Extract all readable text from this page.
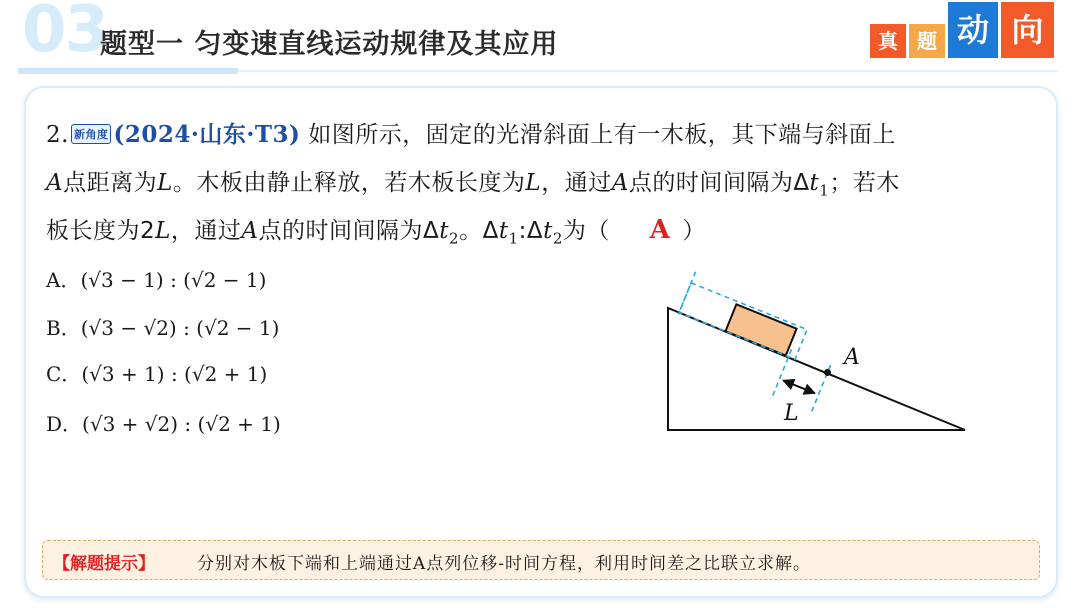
03
题型一 匀变速直线运动规律及其应用	真 题 动 向
2. 新角度 (2024·山东·T3) 如图所示，固定的光滑斜面上有一木板，其下端与斜面上
A点距离为L。木板由静止释放，若木板长度为L，通过A点的时间间隔为$\Delta t_1$；若木
板长度为2L，通过A点的时间间隔为$\Delta t_2$。$\Delta t_1:\Delta t_2$为（ A ）
A．(√3 − 1) : (√2 − 1)
B．(√3 − √2) : (√2 − 1)
C．(√3 + 1) : (√2 + 1)
D．(√3 + √2) : (√2 + 1)
A
L
【解题提示】 分别对木板下端和上端通过A点列位移-时间方程，利用时间差之比联立求解。
